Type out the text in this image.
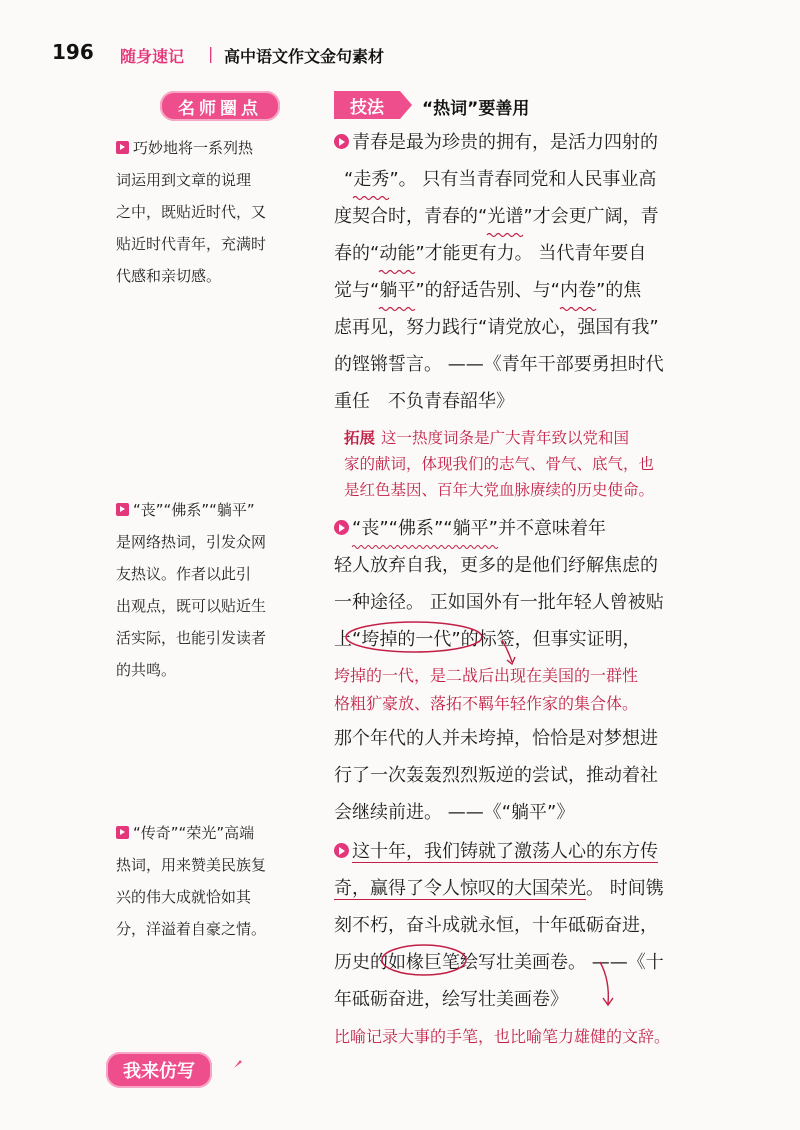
196 随身速记 | 高中语文作文金句素材
名师圈点	技法	“热词”要善用
巧妙地将一系列热
词运用到文章的说理
之中，既贴近时代，又
贴近时代青年，充满时
代感和亲切感。
“丧”“佛系”“躺平”
是网络热词，引发众网
友热议。作者以此引
出观点，既可以贴近生
活实际，也能引发读者
的共鸣。
“传奇”“荣光”高端
热词，用来赞美民族复
兴的伟大成就恰如其
分，洋溢着自豪之情。
青春是最为珍贵的拥有，是活力四射的
“走秀
”。 只有当青春同党和人民事业高
度契合时，青春的“光谱
”才会更广阔，青
春的“动能
”才能更有力。 当代青年要自
觉与“躺平
”的舒适告别、与“内卷
”的焦
虑再见，努力践行“请党放心，强国有我”
的铿锵誓言。 ——《青年干部要勇担时代
重任　不负青春韶华》
拓展 这一热度词条是广大青年致以党和国
家的献词，体现我们的志气、骨气、底气，也
是红色基因、百年大党血脉赓续的历史使命。
“丧”“佛系”“躺平”
并不意味着年
轻人放弃自我，更多的是他们纾解焦虑的
一种途径。 正如国外有一批年轻人曾被贴
上“垮掉的一代”
的标签，但事实证明，
垮掉的一代，是二战后出现在美国的一群性
格粗犷豪放、落拓不羁年轻作家的集合体。
那个年代的人并未垮掉，恰恰是对梦想进
行了一次轰轰烈烈叛逆的尝试，推动着社
会继续前进。 ——《“躺平”》
这十年，我们铸就了激荡人心的东方传
奇，赢得了令人惊叹的大国荣光。 时间镌
刻不朽，奋斗成就永恒，十年砥砺奋进，
历史的如椽巨笔
绘写壮美画卷。 ——《十
年砥砺奋进，绘写壮美画卷》
比喻记录大事的手笔，也比喻笔力雄健的文辞。
我来仿写
